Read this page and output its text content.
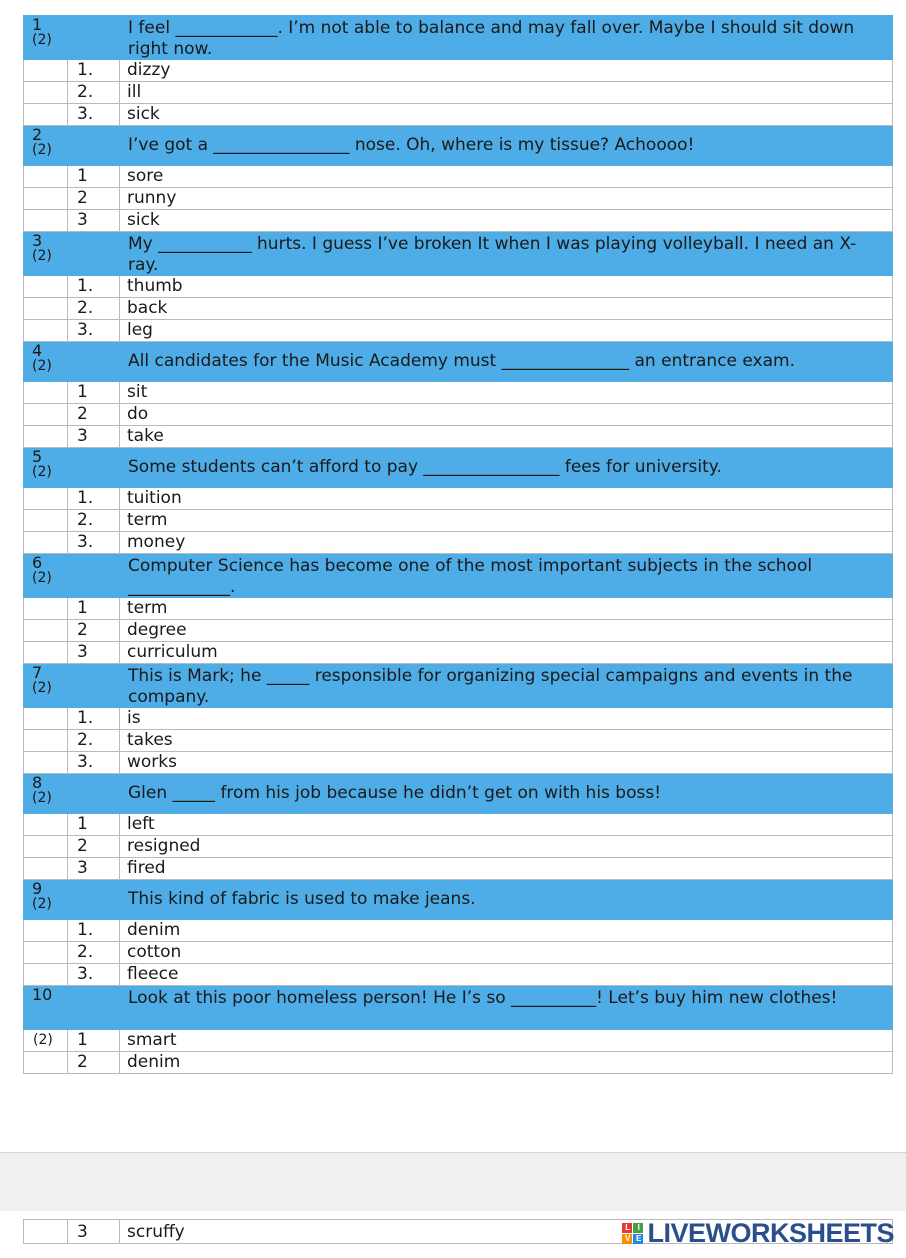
1
(2)		I feel ____________. I’m not able to balance and may fall over. Maybe I should sit down right now.
	1.	dizzy
	2.	ill
	3.	sick

2
(2)		I’ve got a ________________ nose. Oh, where is my tissue? Achoooo!
	1	sore
	2	runny
	3	sick

3
(2)		My ___________ hurts. I guess I’ve broken It when I was playing volleyball. I need an X-ray.
	1.	thumb
	2.	back
	3.	leg

4
(2)		All candidates for the Music Academy must _______________ an entrance exam.
	1	sit
	2	do
	3	take

5
(2)		Some students can’t afford to pay ________________ fees for university.
	1.	tuition
	2.	term
	3.	money

6
(2)		Computer Science has become one of the most important subjects in the school ____________.
	1	term
	2	degree
	3	curriculum

7
(2)		This is Mark; he _____ responsible for organizing special campaigns and events in the company.
	1.	is
	2.	takes
	3.	works

8
(2)		Glen _____ from his job because he didn’t get on with his boss!
	1	left
	2	resigned
	3	fired

9
(2)		This kind of fabric is used to make jeans.
	1.	denim
	2.	cotton
	3.	fleece

10		Look at this poor homeless person! He I’s so __________! Let’s buy him new clothes!
(2)	1	smart
	2	denim
	3	scruffy	L I
V E LIVEWORKSHEETS
